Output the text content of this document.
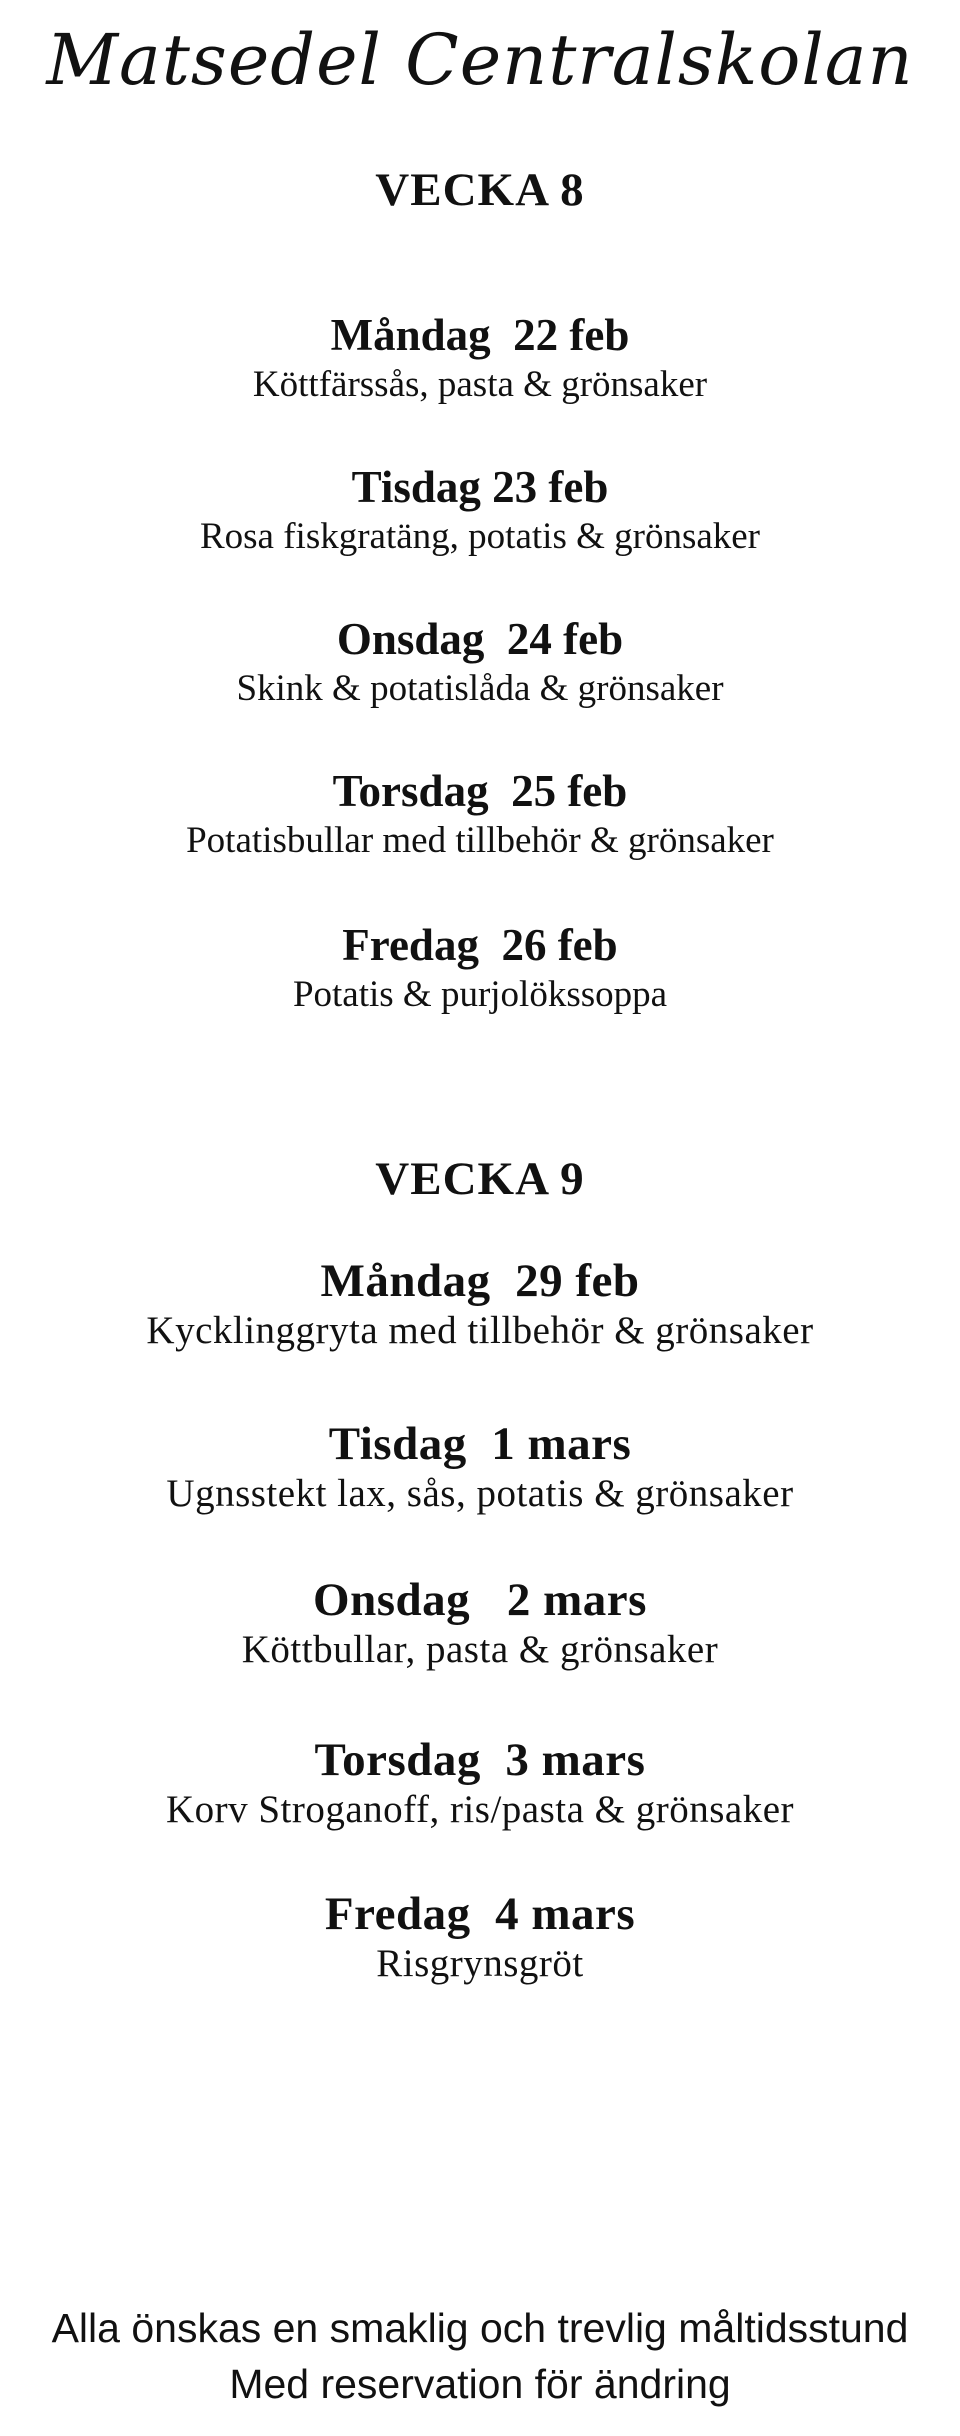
Matsedel Centralskolan
VECKA 8
Måndag  22 feb
Köttfärssås, pasta & grönsaker
Tisdag 23 feb
Rosa fiskgratäng, potatis & grönsaker
Onsdag  24 feb
Skink & potatislåda & grönsaker
Torsdag  25 feb
Potatisbullar med tillbehör & grönsaker
Fredag  26 feb
Potatis & purjolökssoppa
VECKA 9
Måndag  29 feb
Kycklinggryta med tillbehör & grönsaker
Tisdag  1 mars
Ugnsstekt lax, sås, potatis & grönsaker
Onsdag   2 mars
Köttbullar, pasta & grönsaker
Torsdag  3 mars
Korv Stroganoff, ris/pasta & grönsaker
Fredag  4 mars
Risgrynsgröt
Alla önskas en smaklig och trevlig måltidsstund
Med reservation för ändring
